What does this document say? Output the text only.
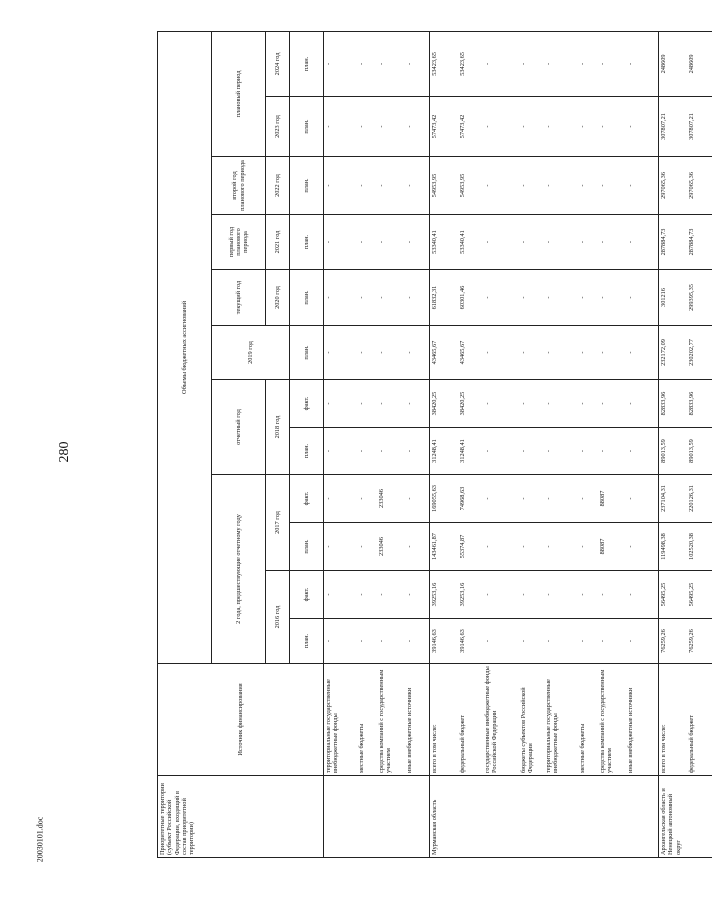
280
20030101.doc	Приоритетные территории (субъект Российской Федерации, входящий в состав приоритетной территории)	Источник финансирования	Объемы бюджетных ассигнований											
		2 года, предшествующие отчетному году				отчетный год		2019 год	текущий год	первый год планового периода	второй год планового периода	плановый период	
		2016 год		2017 год		2018 год			2020 год	2021 год	2022 год	2023 год	2024 год
		план.	факт.	план.	факт.	план.	факт.	план.	план.	план.	план.	план.	план.
	территориальные государственные внебюджетные фонды	-	-	-	-	-	-	-	-	-	-	-	-
	местные бюджеты	-	-	-	-	-	-	-	-	-	-	-	-
	средства компаний с государственным участием	-	-	233046	233046	-	-	-	-	-	-	-	-
	иные внебюджетные источники	-	-	-	-	-	-	-	-	-	-	-	-
Мурманская область	всего в том числе:	39146,63	39253,16	143461,87	169055,63	31248,41	38420,25	43465,67	61832,31	53340,41	54953,95	57473,42	53423,65
	федеральный бюджет	39146,63	39253,16	55374,87	74968,63	31248,41	38420,25	43465,67	60301,46	53340,41	54953,95	57473,42	53423,65
	государственные внебюджетные фонды Российской Федерации	-	-	-	-	-	-	-	-	-	-	-	-
	бюджеты субъектов Российской Федерации	-	-	-	-	-	-	-	-	-	-	-	-
	территориальные государственные внебюджетные фонды	-	-	-	-	-	-	-	-	-	-	-	-
	местные бюджеты	-	-	-	-	-	-	-	-	-	-	-	-
	средства компаний с государственным участием	-	-	88087	88087	-	-	-	-	-	-	-	-
	иные внебюджетные источники	-	-	-	-	-	-	-	-	-	-	-	-
Архангельская область и Ненецкий автономный округ	всего в том числе:	76259,26	56495,25	119498,38	237104,31	89013,59	82833,96	232172,09	301216	287884,73	297065,36	307807,21	248609
	федеральный бюджет	76259,26	56495,25	102520,38	220126,31	89013,59	82833,96	230202,77	299395,35	287884,73	297065,36	307807,21	248609
